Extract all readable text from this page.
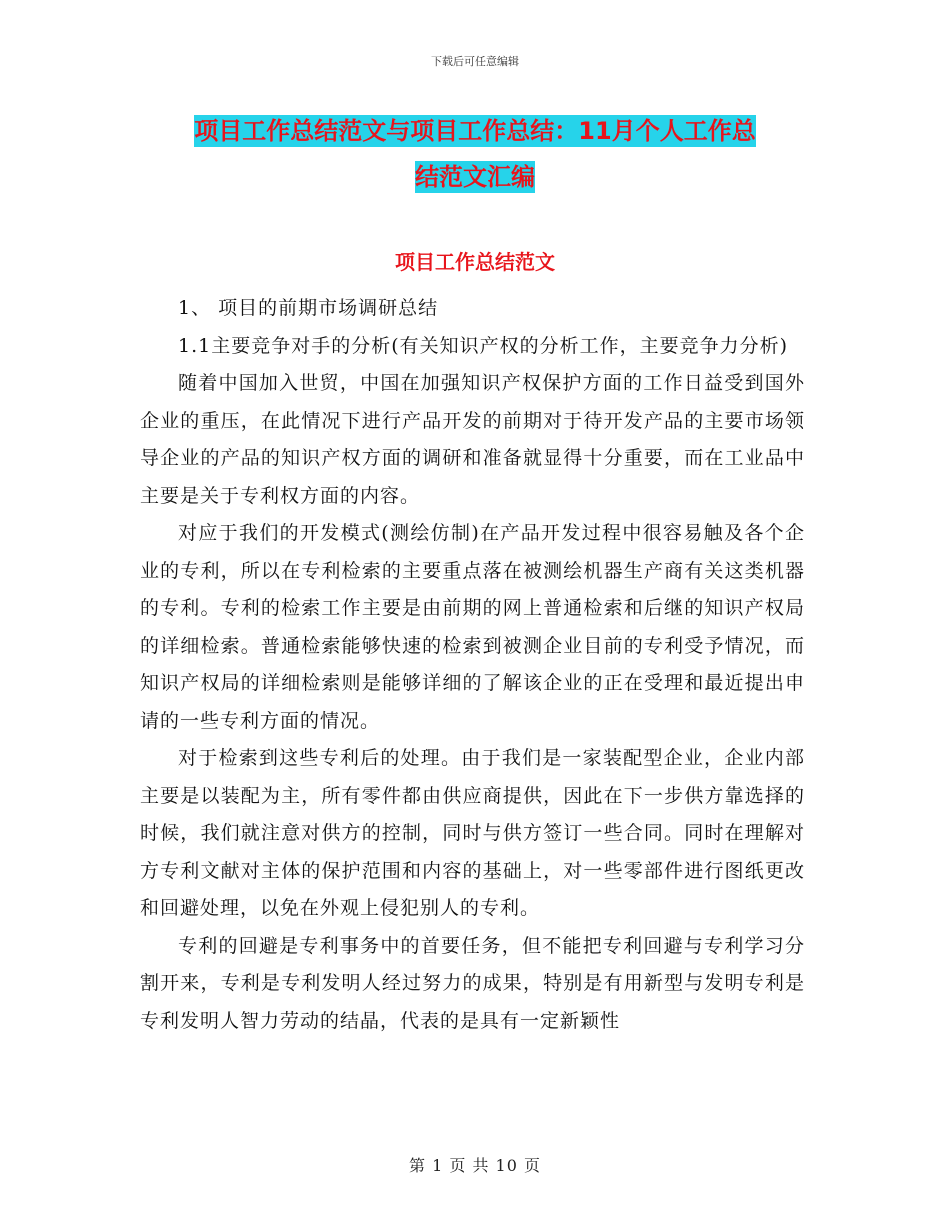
下载后可任意编辑
项目工作总结范文与项目工作总结：11月个人工作总
结范文汇编
项目工作总结范文

1、 项目的前期市场调研总结

1.1主要竞争对手的分析(有关知识产权的分析工作，主要竞争力分析)

随着中国加入世贸，中国在加强知识产权保护方面的工作日益受到国外企业的重压，在此情况下进行产品开发的前期对于待开发产品的主要市场领导企业的产品的知识产权方面的调研和准备就显得十分重要，而在工业品中主要是关于专利权方面的内容。

对应于我们的开发模式(测绘仿制)在产品开发过程中很容易触及各个企业的专利，所以在专利检索的主要重点落在被测绘机器生产商有关这类机器的专利。专利的检索工作主要是由前期的网上普通检索和后继的知识产权局的详细检索。普通检索能够快速的检索到被测企业目前的专利受予情况，而知识产权局的详细检索则是能够详细的了解该企业的正在受理和最近提出申请的一些专利方面的情况。

对于检索到这些专利后的处理。由于我们是一家装配型企业，企业内部主要是以装配为主，所有零件都由供应商提供，因此在下一步供方靠选择的时候，我们就注意对供方的控制，同时与供方签订一些合同。同时在理解对方专利文献对主体的保护范围和内容的基础上，对一些零部件进行图纸更改和回避处理，以免在外观上侵犯别人的专利。

专利的回避是专利事务中的首要任务，但不能把专利回避与专利学习分割开来，专利是专利发明人经过努力的成果，特别是有用新型与发明专利是专利发明人智力劳动的结晶，代表的是具有一定新颖性

第 1 页 共 10 页
